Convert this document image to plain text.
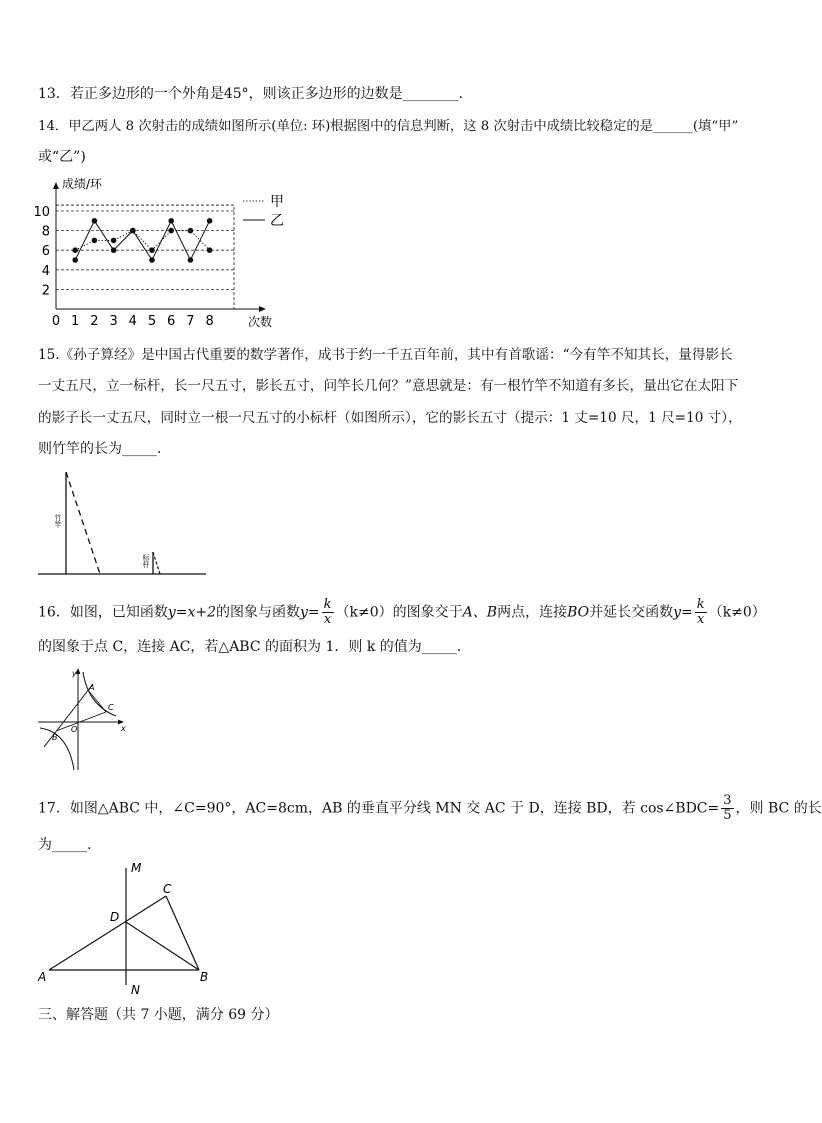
13．若正多边形的一个外角是45°，则该正多边形的边数是________.
14．甲乙两人 8 次射击的成绩如图所示(单位: 环)根据图中的信息判断，这 8 次射击中成绩比较稳定的是______(填“甲”
或“乙”)
成绩/环
次数
2
4
6
8
10
0 1 2 3 4 5 6 7 8
甲
乙
15.《孙子算经》是中国古代重要的数学著作，成书于约一千五百年前，其中有首歌谣：“今有竿不知其长，量得影长
一丈五尺，立一标杆，长一尺五寸，影长五寸，问竿长几何？”意思就是：有一根竹竿不知道有多长，量出它在太阳下
的影子长一丈五尺，同时立一根一尺五寸的小标杆（如图所示），它的影长五寸（提示：1 丈=10 尺，1 尺=10 寸），
则竹竿的长为_____.
竹竿
标杆
16．如图，已知函数y=x+2的图象与函数$y= \frac{k}{x} (k\ne 0)$的图象交于A、B两点，连接BO并延长交函数$y= \frac{k}{x} (k\ne 0)$
的图象于点 C，连接 AC，若△ABC 的面积为 1．则 k 的值为_____.
y
x
O
A
B
C
17．如图△ABC 中，∠C=90°，AC=8cm，AB 的垂直平分线 MN 交 AC 于 D，连接 BD，若 cos∠BDC= $\frac{3}{5}$ ，则 BC 的长
为_____.
M
C
D
A	B
N
三、解答题（共 7 小题，满分 69 分）
